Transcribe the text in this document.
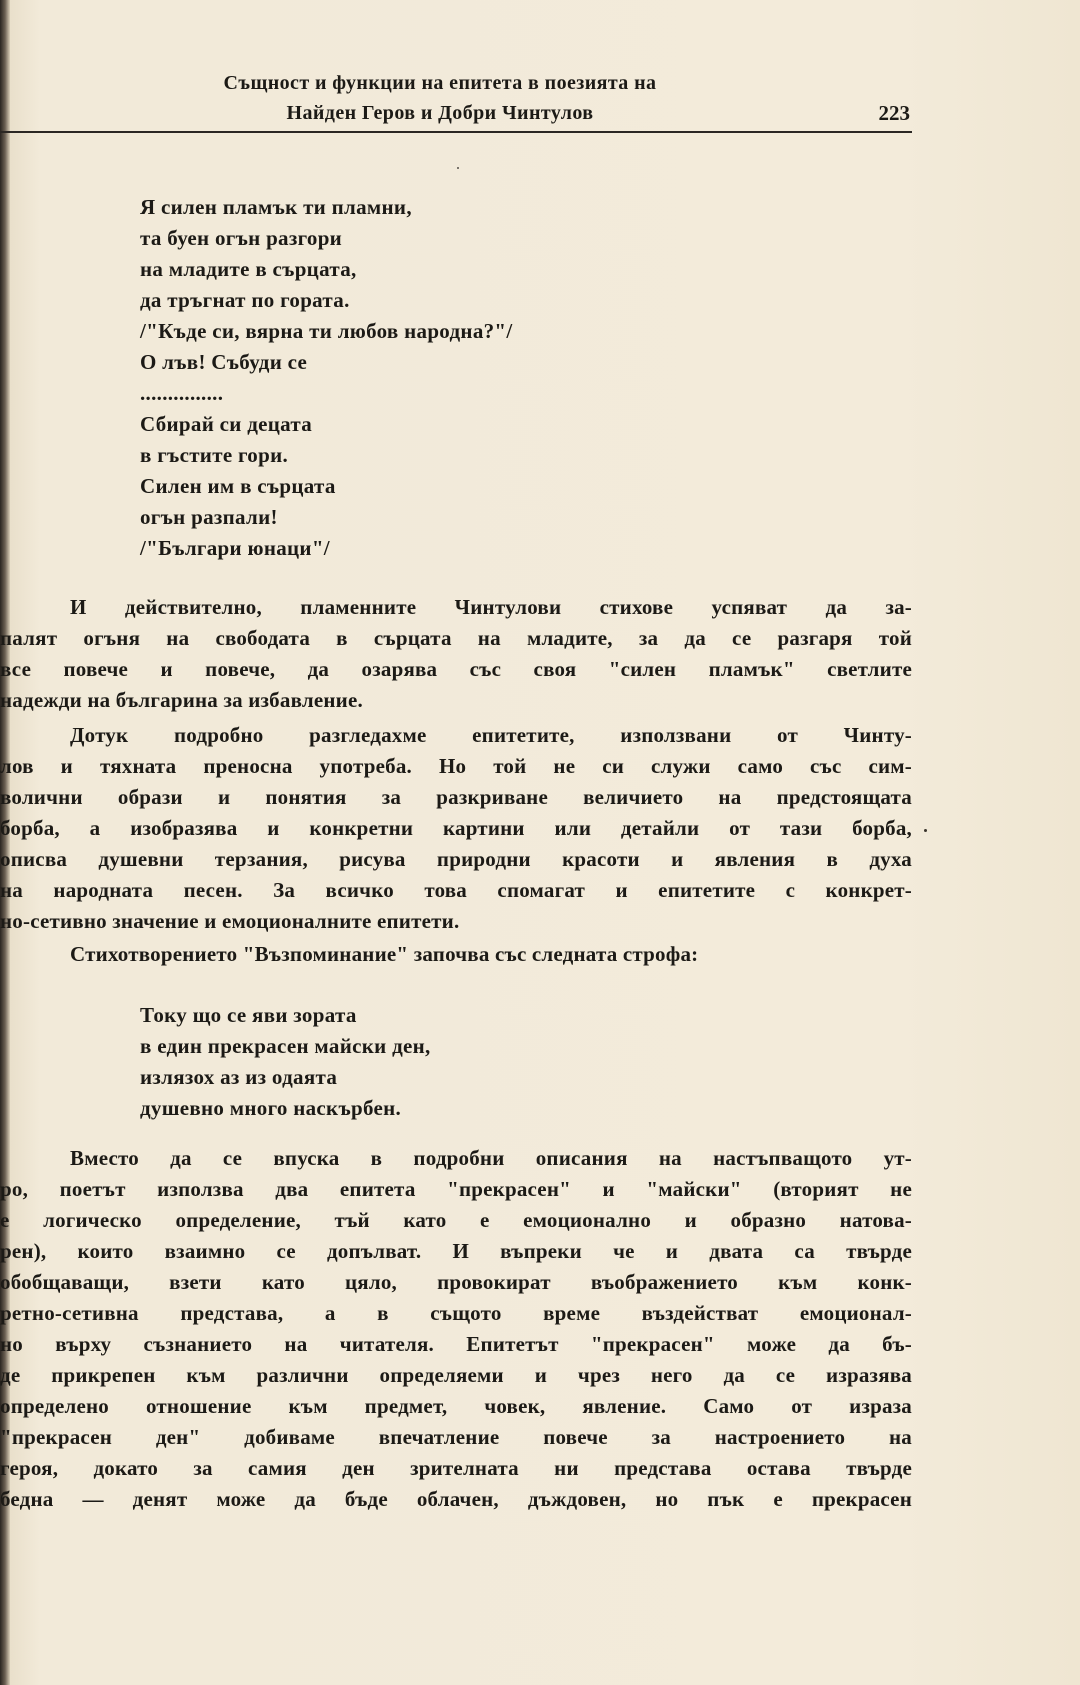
Същност и функции на епитета в поезията на
Найден Геров и Добри Чинтулов	223
Я силен пламък ти пламни,
та буен огън разгори
на младите в сърцата,
да тръгнат по гората.
/"Къде си, вярна ти любов народна?"/
О лъв! Събуди се
...............
Сбирай си децата
в гъстите гори.
Силен им в сърцата
огън разпали!
/"Българи юнаци"/
И действително, пламенните Чинтулови стихове успяват да за-
палят огъня на свободата в сърцата на младите, за да се разгаря той
все повече и повече, да озарява със своя "силен пламък" светлите
надежди на българина за избавление.
Дотук подробно разгледахме епитетите, използвани от Чинту-
лов и тяхната преносна употреба. Но той не си служи само със сим-
волични образи и понятия за разкриване величието на предстоящата
борба, а изобразява и конкретни картини или детайли от тази борба,
описва душевни терзания, рисува природни красоти и явления в духа
на народната песен. За всичко това спомагат и епитетите с конкрет-
но-сетивно значение и емоционалните епитети.
Стихотворението "Възпоминание" започва със следната строфа:
Току що се яви зората
в един прекрасен майски ден,
излязох аз из одаята
душевно много наскърбен.
Вместо да се впуска в подробни описания на настъпващото ут-
ро, поетът използва два епитета "прекрасен" и "майски" (вторият не
е логическо определение, тъй като е емоционално и образно натова-
рен), които взаимно се допълват. И въпреки че и двата са твърде
обобщаващи, взети като цяло, провокират въображението към конк-
ретно-сетивна представа, а в същото време въздействат емоционал-
но върху съзнанието на читателя. Епитетът "прекрасен" може да бъ-
де прикрепен към различни определяеми и чрез него да се изразява
определено отношение към предмет, човек, явление. Само от израза
"прекрасен ден" добиваме впечатление повече за настроението на
героя, докато за самия ден зрителната ни представа остава твърде
бедна — денят може да бъде облачен, дъждовен, но пък е прекрасен
